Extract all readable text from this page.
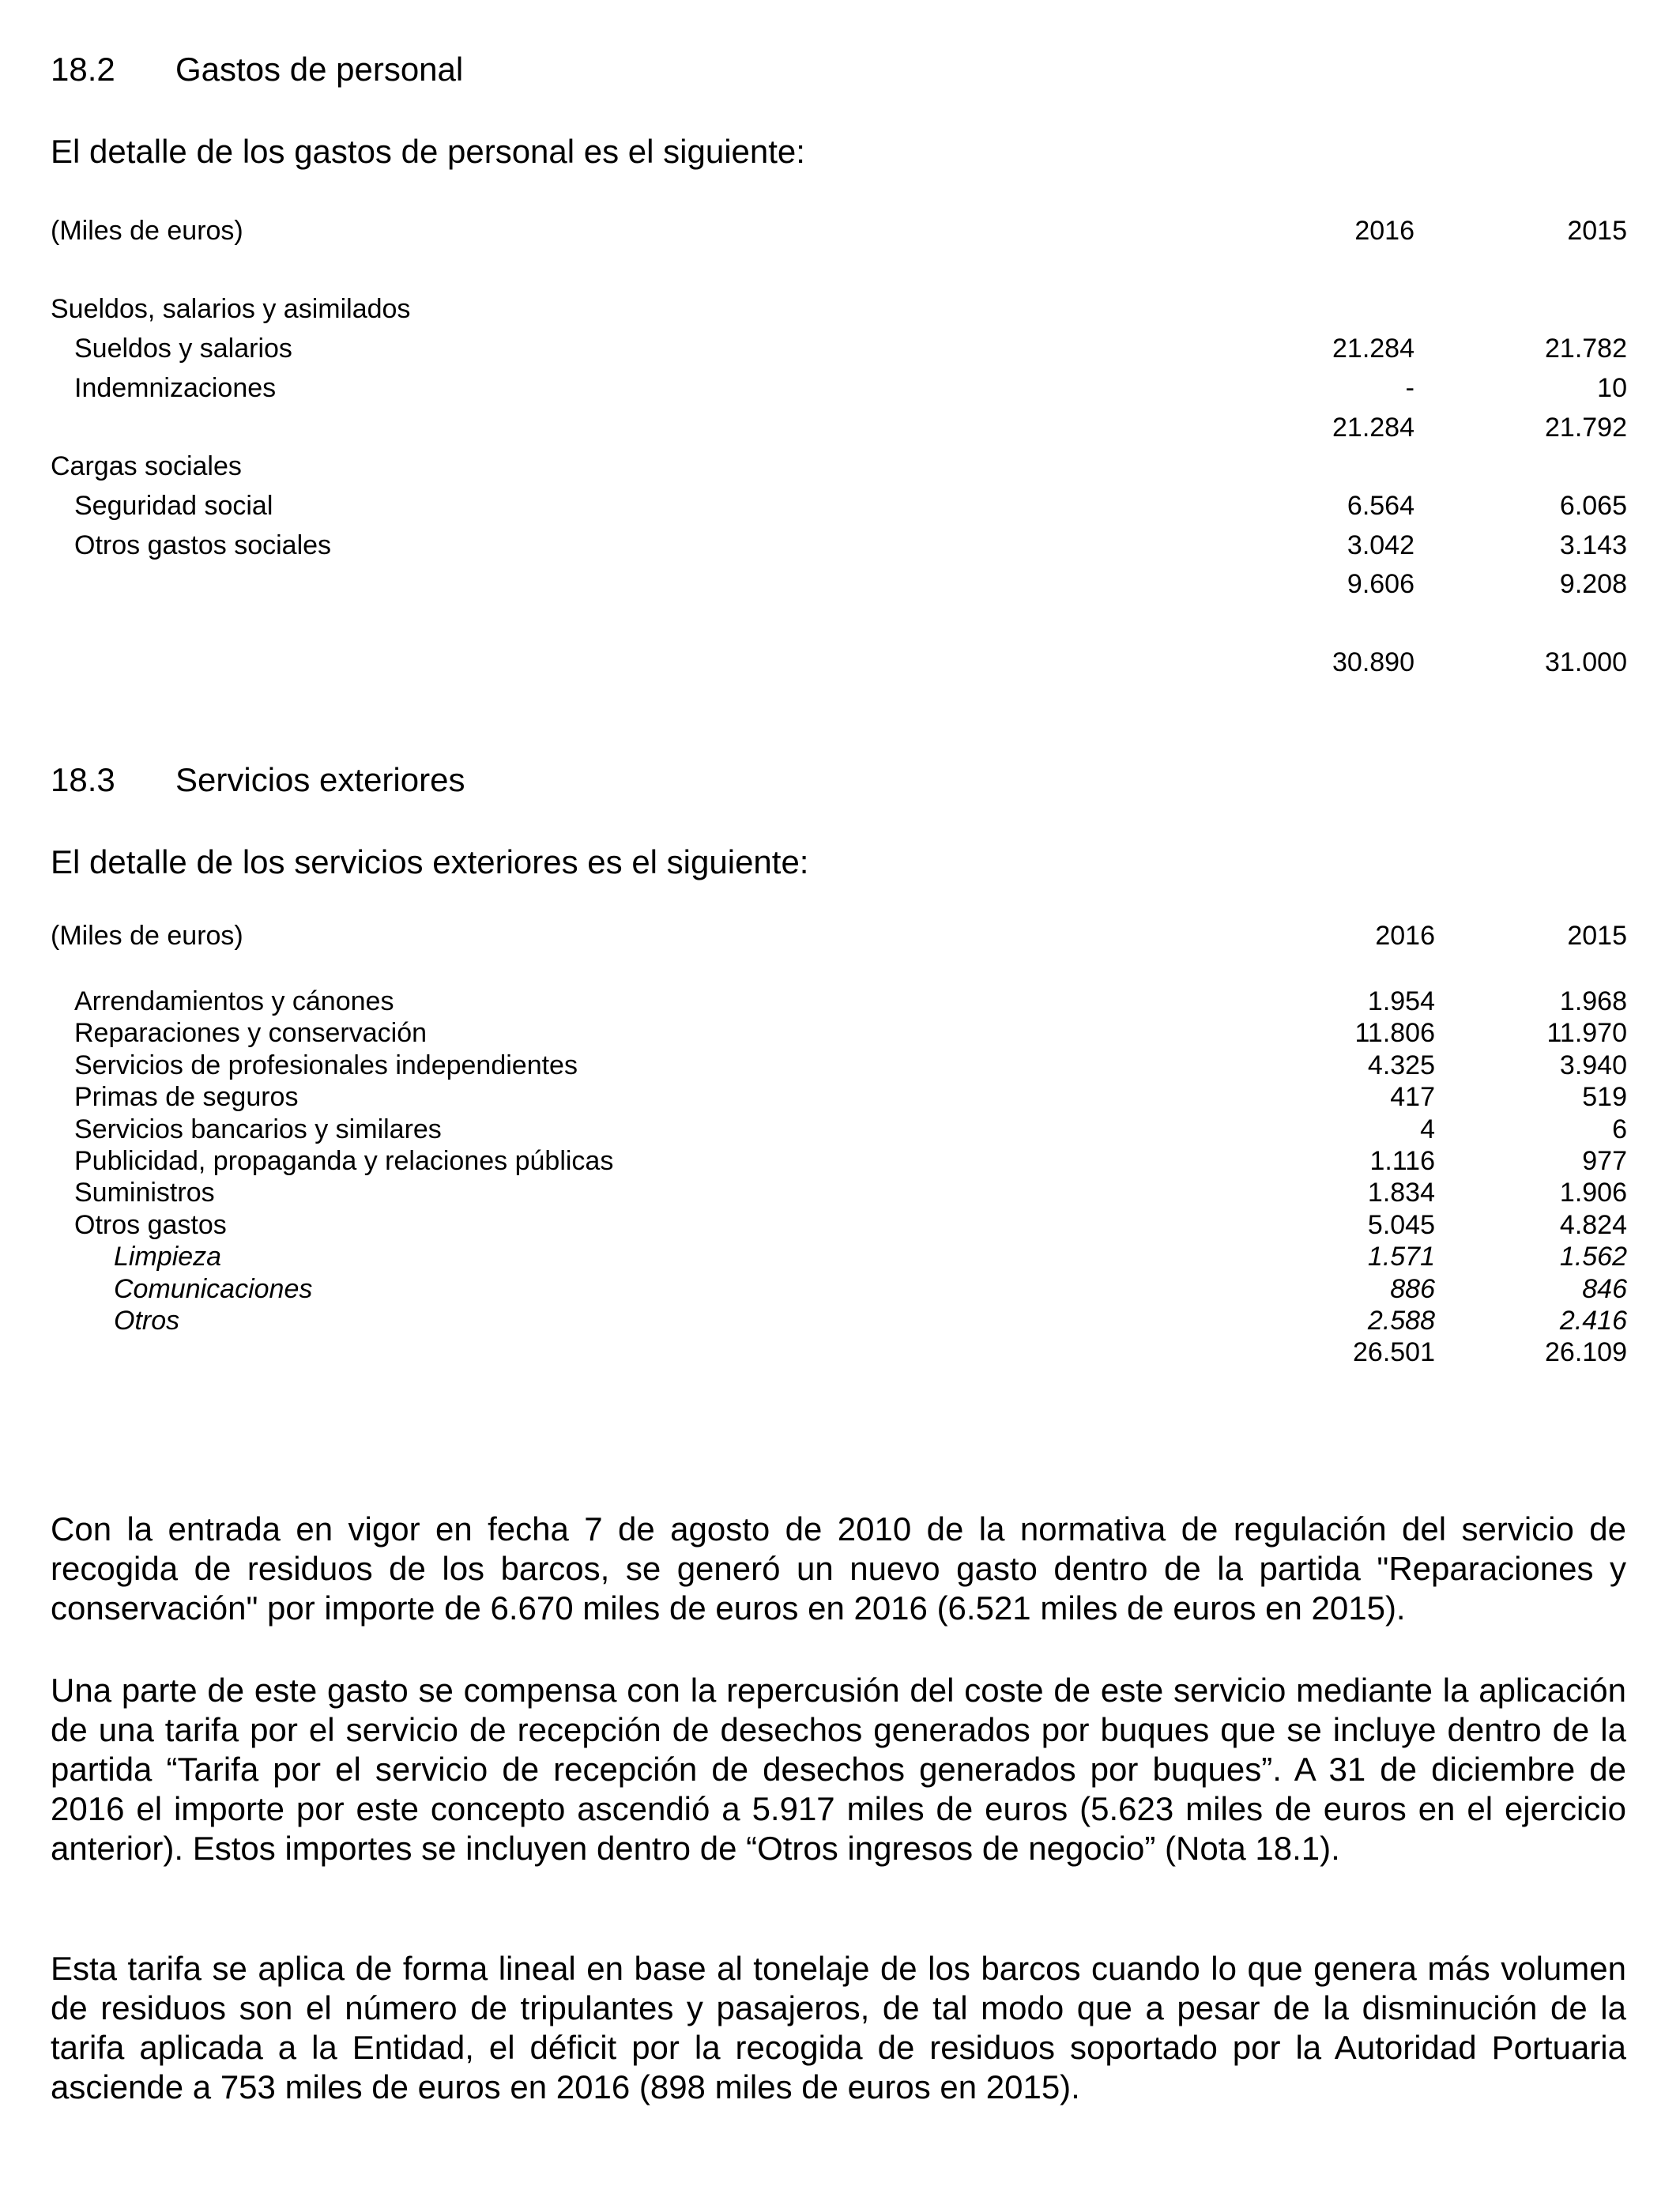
18.2 Gastos de personal
El detalle de los gastos de personal es el siguiente:
(Miles de euros)	2016	2015
Sueldos, salarios y asimilados
Sueldos y salarios	21.284	21.782
Indemnizaciones	-	10
21.284	21.792
Cargas sociales
Seguridad social	6.564	6.065
Otros gastos sociales	3.042	3.143
9.606	9.208
30.890	31.000
18.3 Servicios exteriores
El detalle de los servicios exteriores es el siguiente:
(Miles de euros)	2016	2015
Arrendamientos y cánones	1.954	1.968
Reparaciones y conservación	11.806	11.970
Servicios de profesionales independientes	4.325	3.940
Primas de seguros	417	519
Servicios bancarios y similares	4	6
Publicidad, propaganda y relaciones públicas	1.116	977
Suministros	1.834	1.906
Otros gastos	5.045	4.824
Limpieza	1.571	1.562
Comunicaciones	886	846
Otros	2.588	2.416
26.501	26.109

Con la entrada en vigor en fecha 7 de agosto de 2010 de la normativa de regulación del servicio de recogida de residuos de los barcos, se generó un nuevo gasto dentro de la partida "Reparaciones y conservación" por importe de 6.670 miles de euros en 2016 (6.521 miles de euros en 2015).

Una parte de este gasto se compensa con la repercusión del coste de este servicio mediante la aplicación de una tarifa por el servicio de recepción de desechos generados por buques que se incluye dentro de la partida “Tarifa por el servicio de recepción de desechos generados por buques”. A 31 de diciembre de 2016 el importe por este concepto ascendió a 5.917 miles de euros (5.623 miles de euros en el ejercicio anterior). Estos importes se incluyen dentro de “Otros ingresos de negocio” (Nota 18.1).

Esta tarifa se aplica de forma lineal en base al tonelaje de los barcos cuando lo que genera más volumen de residuos son el número de tripulantes y pasajeros, de tal modo que a pesar de la disminución de la tarifa aplicada a la Entidad, el déficit por la recogida de residuos soportado por la Autoridad Portuaria asciende a 753 miles de euros en 2016 (898 miles de euros en 2015).
